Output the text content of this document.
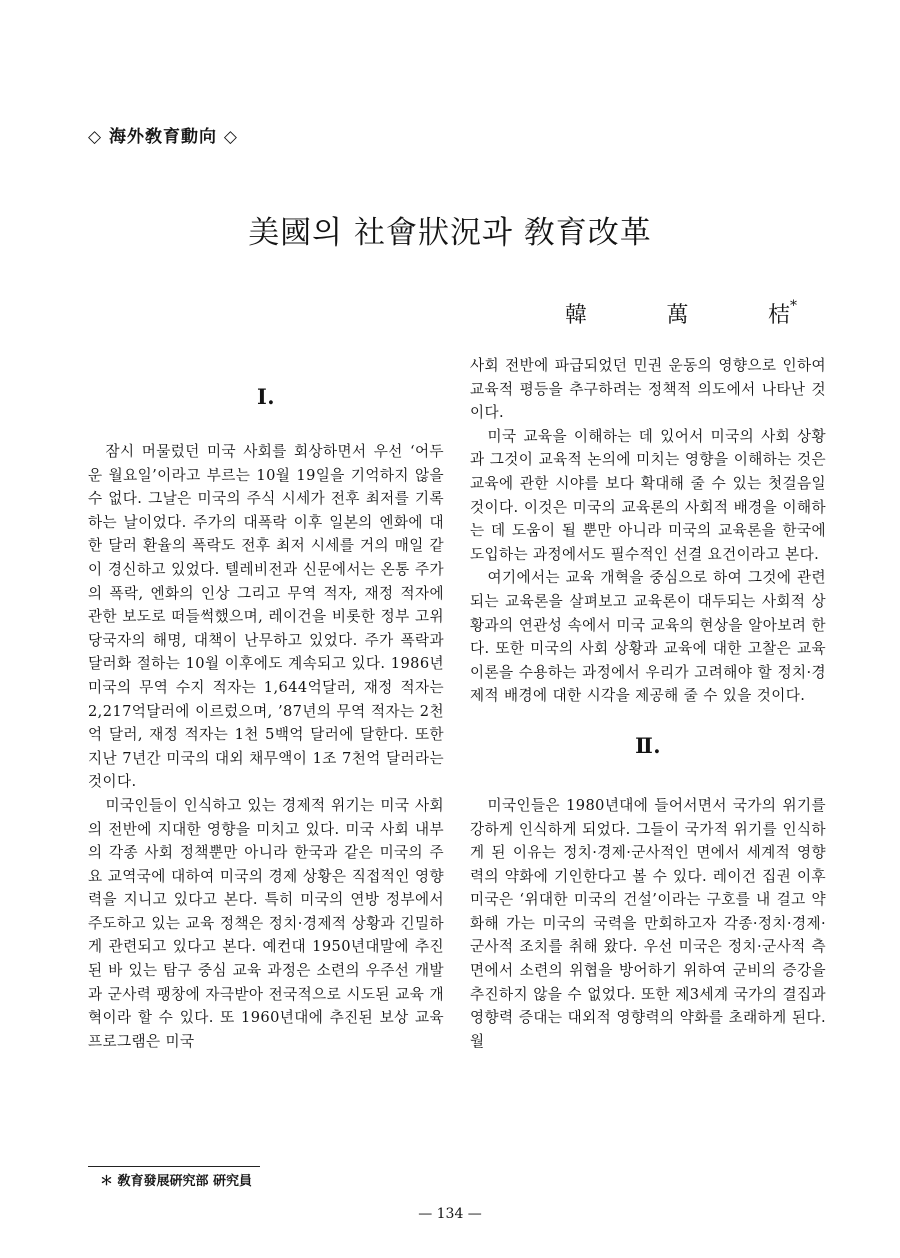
◇ 海外敎育動向 ◇
美國의 社會狀況과 敎育改革
韓	萬	桔*
Ⅰ.

잠시 머물렀던 미국 사회를 회상하면서 우선 ‘어두운 월요일’이라고 부르는 10월 19일을 기억하지 않을 수 없다. 그날은 미국의 주식 시세가 전후 최저를 기록하는 날이었다. 주가의 대폭락 이후 일본의 엔화에 대한 달러 환율의 폭락도 전후 최저 시세를 거의 매일 같이 경신하고 있었다. 텔레비전과 신문에서는 온통 주가의 폭락, 엔화의 인상 그리고 무역 적자, 재정 적자에 관한 보도로 떠들썩했으며, 레이건을 비롯한 정부 고위 당국자의 해명, 대책이 난무하고 있었다. 주가 폭락과 달러화 절하는 10월 이후에도 계속되고 있다. 1986년 미국의 무역 수지 적자는 1,644억달러, 재정 적자는 2,217억달러에 이르렀으며, ’87년의 무역 적자는 2천억 달러, 재정 적자는 1천 5백억 달러에 달한다. 또한 지난 7년간 미국의 대외 채무액이 1조 7천억 달러라는 것이다.

미국인들이 인식하고 있는 경제적 위기는 미국 사회의 전반에 지대한 영향을 미치고 있다. 미국 사회 내부의 각종 사회 정책뿐만 아니라 한국과 같은 미국의 주요 교역국에 대하여 미국의 경제 상황은 직접적인 영향력을 지니고 있다고 본다. 특히 미국의 연방 정부에서 주도하고 있는 교육 정책은 정치·경제적 상황과 긴밀하게 관련되고 있다고 본다. 예컨대 1950년대말에 추진된 바 있는 탐구 중심 교육 과정은 소련의 우주선 개발과 군사력 팽창에 자극받아 전국적으로 시도된 교육 개혁이라 할 수 있다. 또 1960년대에 추진된 보상 교육 프로그램은 미국

사회 전반에 파급되었던 민권 운동의 영향으로 인하여 교육적 평등을 추구하려는 정책적 의도에서 나타난 것이다.

미국 교육을 이해하는 데 있어서 미국의 사회 상황과 그것이 교육적 논의에 미치는 영향을 이해하는 것은 교육에 관한 시야를 보다 확대해 줄 수 있는 첫걸음일 것이다. 이것은 미국의 교육론의 사회적 배경을 이해하는 데 도움이 될 뿐만 아니라 미국의 교육론을 한국에 도입하는 과정에서도 필수적인 선결 요건이라고 본다.

여기에서는 교육 개혁을 중심으로 하여 그것에 관련되는 교육론을 살펴보고 교육론이 대두되는 사회적 상황과의 연관성 속에서 미국 교육의 현상을 알아보려 한다. 또한 미국의 사회 상황과 교육에 대한 고찰은 교육 이론을 수용하는 과정에서 우리가 고려해야 할 정치·경제적 배경에 대한 시각을 제공해 줄 수 있을 것이다.

Ⅱ.

미국인들은 1980년대에 들어서면서 국가의 위기를 강하게 인식하게 되었다. 그들이 국가적 위기를 인식하게 된 이유는 정치·경제·군사적인 면에서 세계적 영향력의 약화에 기인한다고 볼 수 있다. 레이건 집권 이후 미국은 ‘위대한 미국의 건설’이라는 구호를 내 걸고 약화해 가는 미국의 국력을 만회하고자 각종·정치·경제·군사적 조치를 취해 왔다. 우선 미국은 정치·군사적 측면에서 소련의 위협을 방어하기 위하여 군비의 증강을 추진하지 않을 수 없었다. 또한 제3세계 국가의 결집과 영향력 증대는 대외적 영향력의 약화를 초래하게 된다. 월

＊ 敎育發展硏究部 硏究員
— 134 —
